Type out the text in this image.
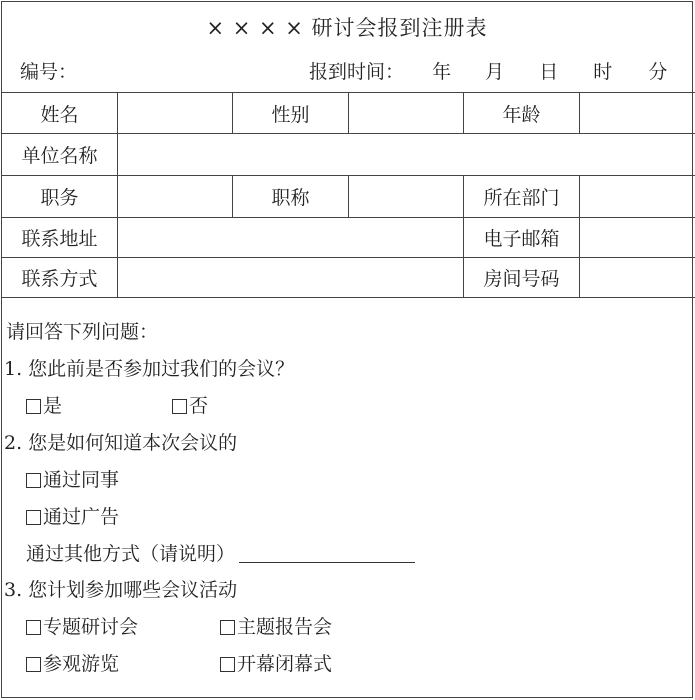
× × × × 研讨会报到注册表
编号：	报到时间： 年 月 日 时 分
姓名		性别		年龄	
单位名称					
职务		职称		所在部门	
联系地址				电子邮箱	
联系方式				房间号码	
请回答下列问题：
1. 您此前是否参加过我们的会议？
是	否
2. 您是如何知道本次会议的
通过同事
通过广告
通过其他方式（请说明）
3. 您计划参加哪些会议活动
专题研讨会	主题报告会
参观游览	开幕闭幕式
